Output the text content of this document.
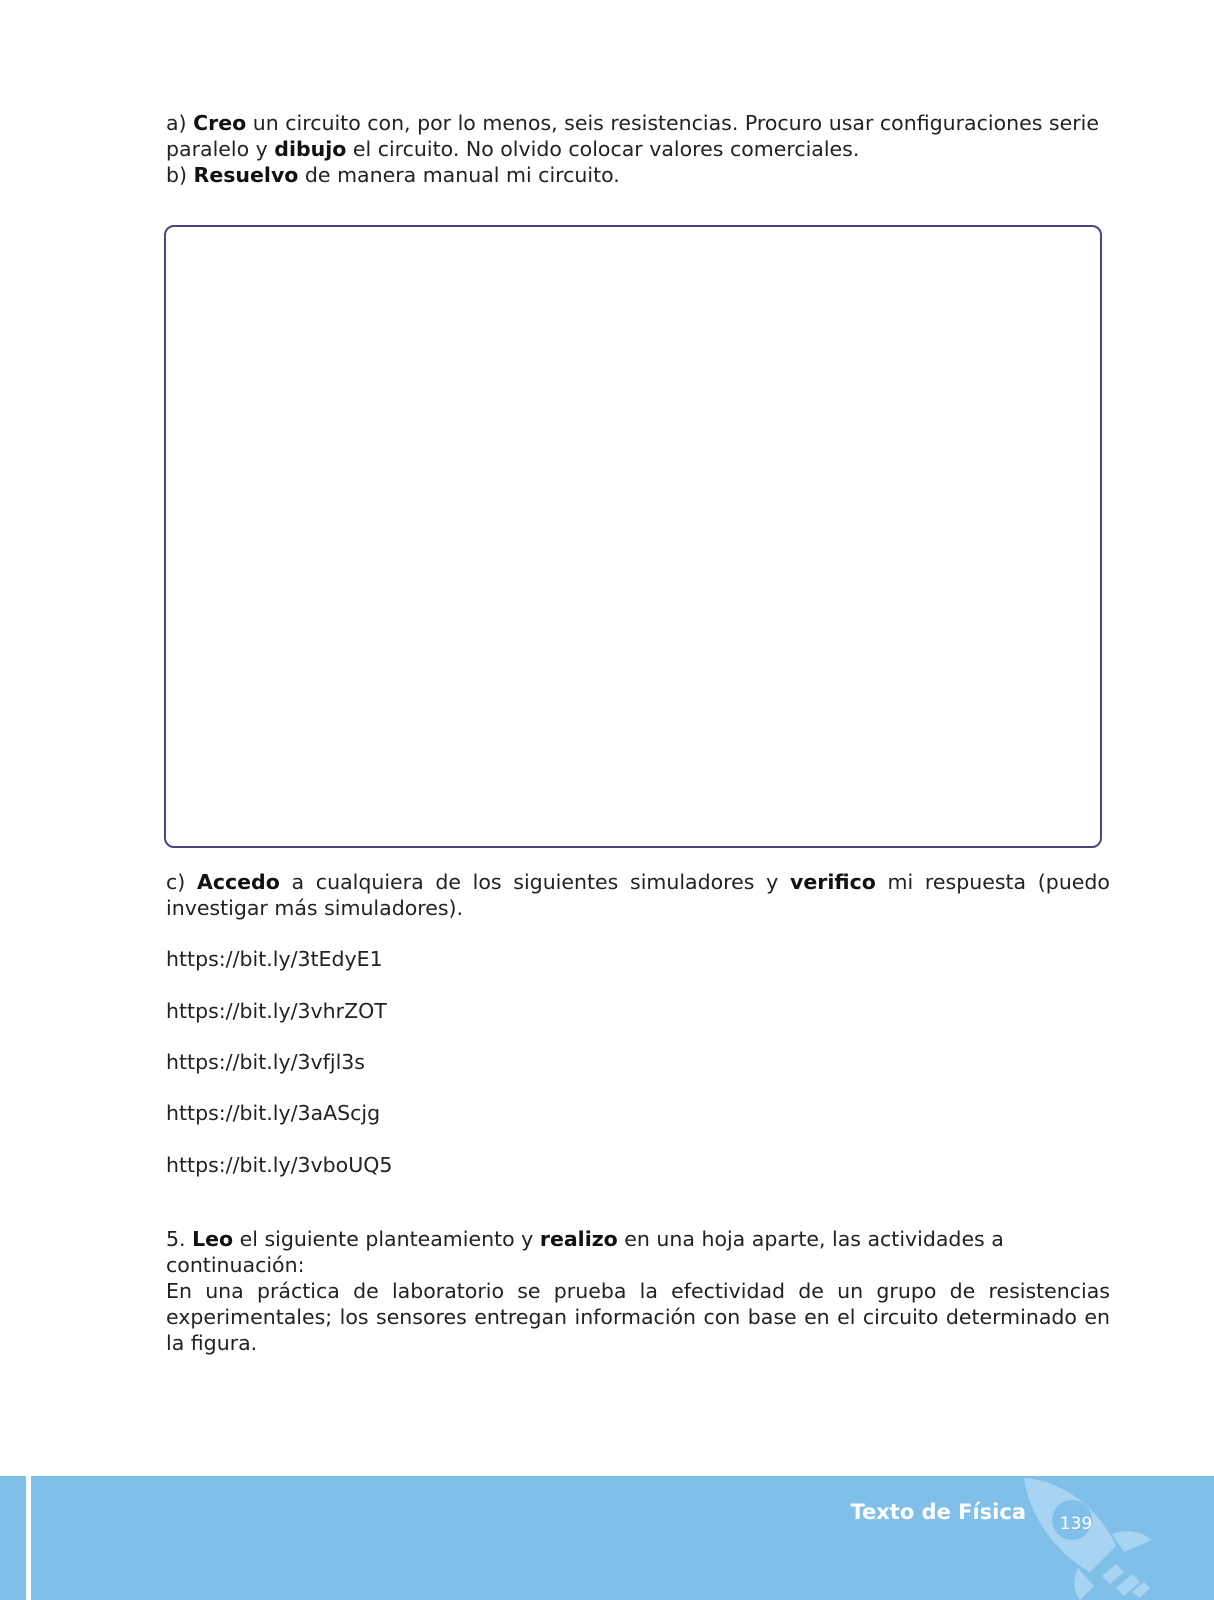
a) Creo un circuito con, por lo menos, seis resistencias. Procuro usar configuraciones serie paralelo y dibujo el circuito. No olvido colocar valores comerciales.

b) Resuelvo de manera manual mi circuito.

c) Accedo a cualquiera de los siguientes simuladores y verifico mi respuesta (puedo investigar más simuladores).

https://bit.ly/3tEdyE1
https://bit.ly/3vhrZOT
https://bit.ly/3vfjl3s
https://bit.ly/3aAScjg
https://bit.ly/3vboUQ5

5. Leo el siguiente planteamiento y realizo en una hoja aparte, las actividades a continuación:

En una práctica de laboratorio se prueba la efectividad de un grupo de resistencias experimentales; los sensores entregan información con base en el circuito determinado en la figura.

Texto de Física 139
